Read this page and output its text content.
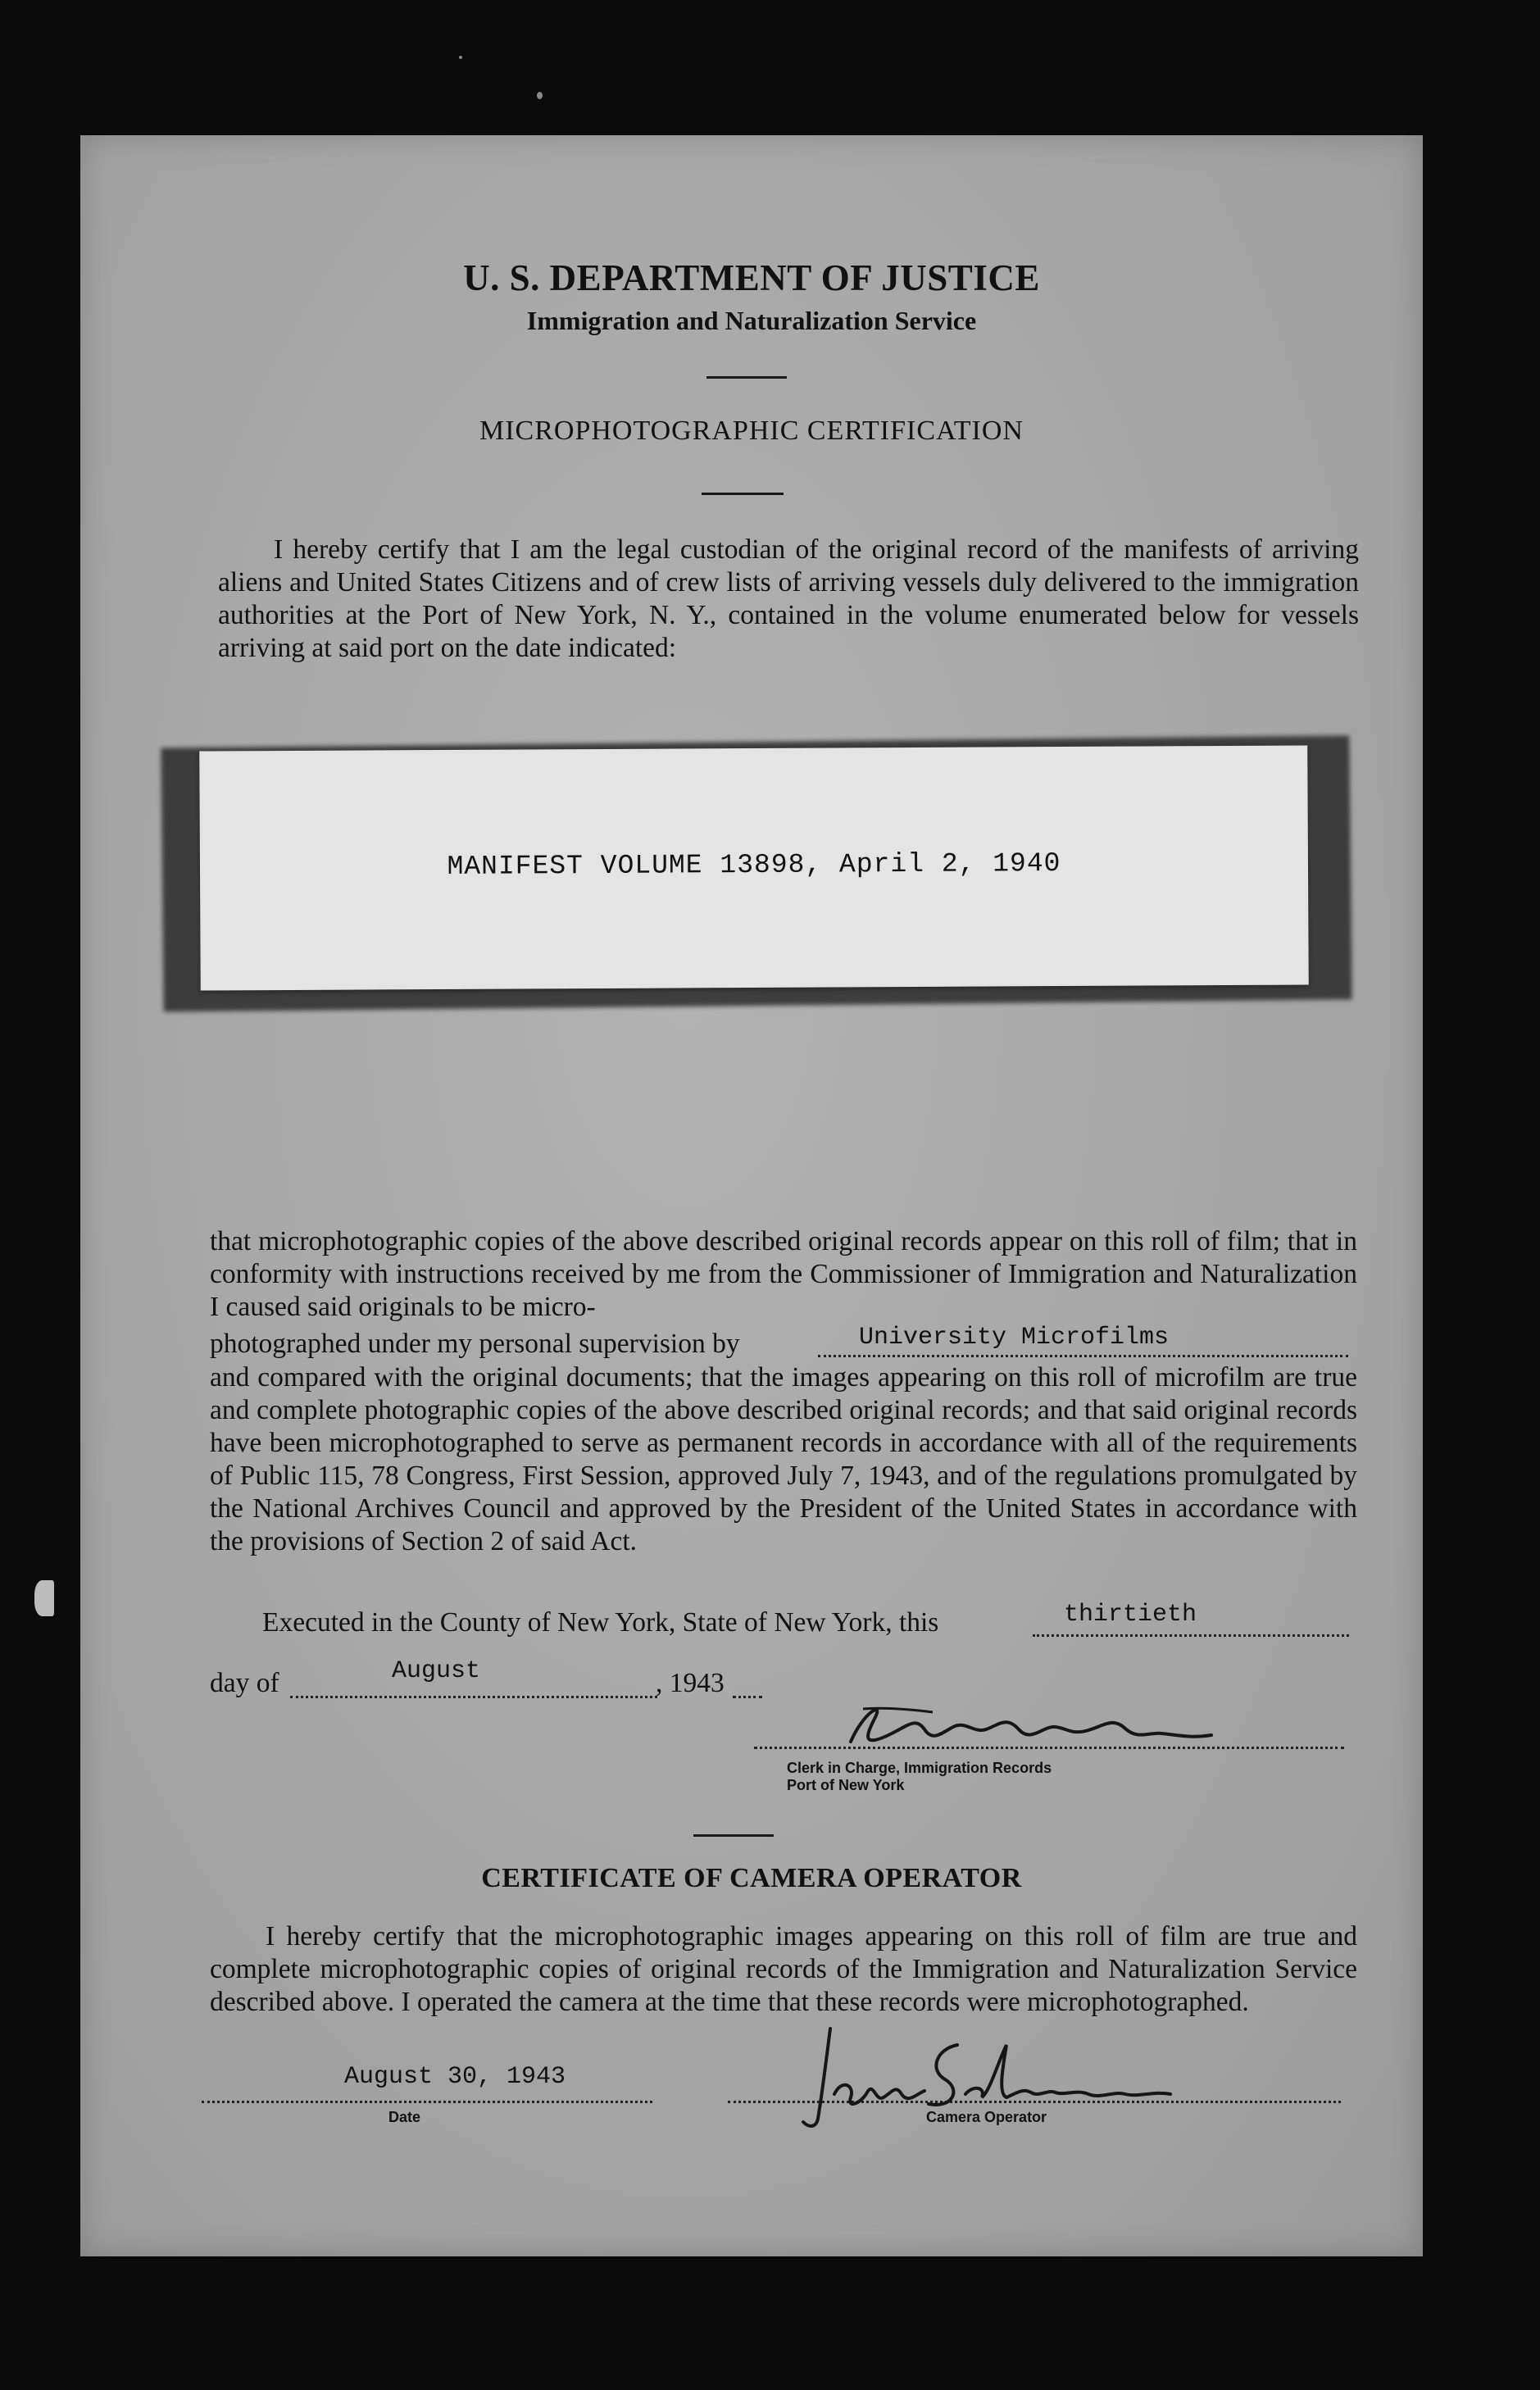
U. S. DEPARTMENT OF JUSTICE
Immigration and Naturalization Service
MICROPHOTOGRAPHIC CERTIFICATION
I hereby certify that I am the legal custodian of the original record of the manifests of arriving aliens and United States Citizens and of crew lists of arriving vessels duly delivered to the immigration authorities at the Port of New York, N. Y., contained in the volume enumerated below for vessels arriving at said port on the date indicated:
MANIFEST VOLUME 13898, April 2, 1940
that microphotographic copies of the above described original records appear on this roll of film; that in conformity with instructions received by me from the Commissioner of Immigration and Naturalization I caused said originals to be micro-
photographed under my personal supervision by	University Microfilms
and compared with the original documents; that the images appearing on this roll of microfilm are true and complete photographic copies of the above described original records; and that said original records have been microphotographed to serve as permanent records in accordance with all of the requirements of Public 115, 78 Congress, First Session, approved July 7, 1943, and of the regulations promulgated by the National Archives Council and approved by the President of the United States in accordance with the provisions of Section 2 of said Act.
Executed in the County of New York, State of New York, this	thirtieth
day of	August	, 1943
Clerk in Charge, Immigration Records
Port of New York
CERTIFICATE OF CAMERA OPERATOR
I hereby certify that the microphotographic images appearing on this roll of film are true and complete microphotographic copies of original records of the Immigration and Naturalization Service described above. I operated the camera at the time that these records were microphotographed.
August 30, 1943
Date	Camera Operator
